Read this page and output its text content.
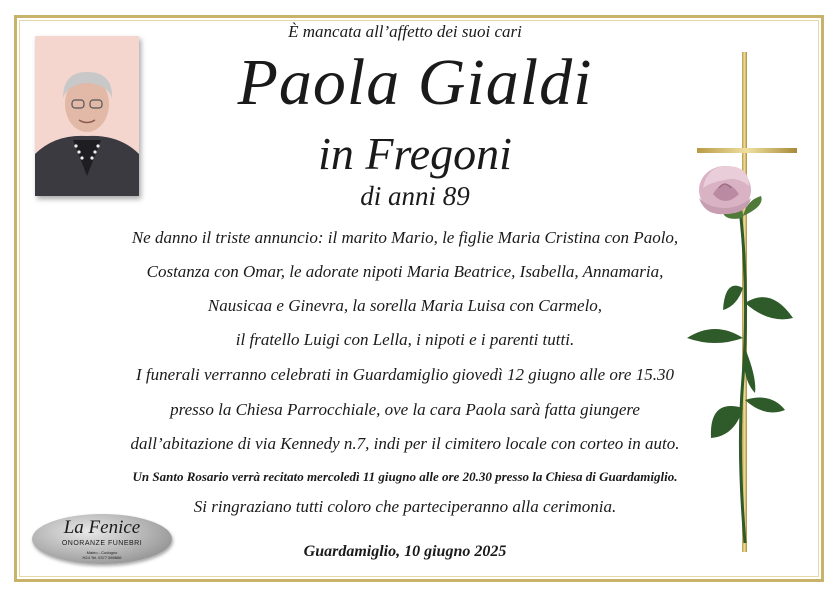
È mancata all’affetto dei suoi cari
Paola Gialdi
in Fregoni
di anni 89
Ne danno il triste annuncio: il marito Mario, le figlie Maria Cristina con Paolo,
Costanza con Omar, le adorate nipoti Maria Beatrice, Isabella, Annamaria,
Nausicaa e Ginevra, la sorella Maria Luisa con Carmelo,
il fratello Luigi con Lella, i nipoti e i parenti tutti.
I funerali verranno celebrati in Guardamiglio giovedì 12 giugno alle ore 15.30
presso la Chiesa Parrocchiale, ove la cara Paola sarà fatta giungere
dall’abitazione di via Kennedy n.7, indi per il cimitero locale con corteo in auto.
Un Santo Rosario verrà recitato mercoledì 11 giugno alle ore 20.30 presso la Chiesa di Guardamiglio.
Si ringraziano tutti coloro che parteciperanno alla cerimonia.
Guardamiglio, 10 giugno 2025
La Fenice
ONORANZE FUNEBRI
Maleo - Codogno
H24 Tel. 0377 589666
